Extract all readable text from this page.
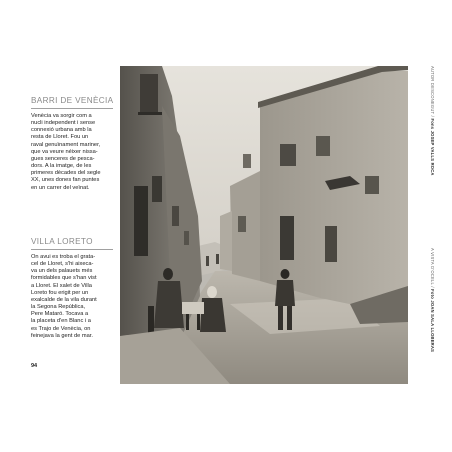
BARRI DE VENÈCIA
Venècia va sorgir com a
nucli independent i sense
connexió urbana amb la
resta de Lloret. Fou un
raval genuïnament mariner,
que va veure néixer nissa-
gues senceres de pesca-
dors. A la imatge, de les
primeres dècades del segle
XX, unes dones fan puntes
en un carrer del veïnat.
VILLA LORETO
On avui es troba el grata-
cel de Lloret, s'hi aixeca-
va un dels palauets més
formidables que s'han vist
a Lloret. El xalet de Villa
Loreto fou erigit per un
exalcalde de la vila durant
la Segona República,
Pere Mataró. Tocava a
la placeta d'en Blanc i a
es Trajo de Venècia, on
feinejava la gent de mar.
94
AUTOR DESCONEGUT / Fons JOSEP VALLS ROCA
A VISTA D'OCELL / Foto JOAN SALA LLOBERAS
